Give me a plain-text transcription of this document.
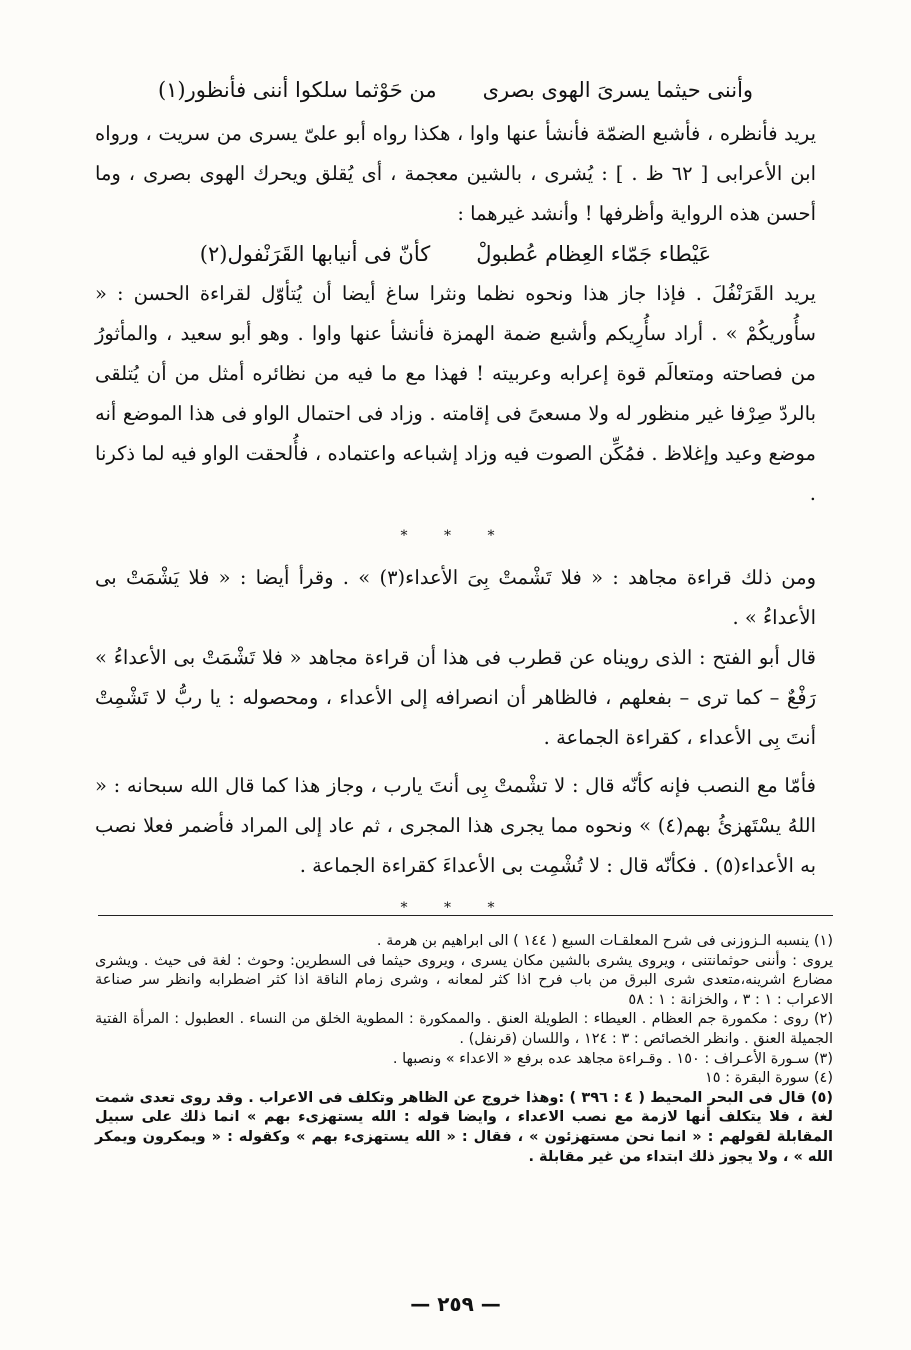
وأننى حيثما يسرىَ الهوى بصرى
من حَوْثما سلكوا أننى فأنظور(١)

يريد فأنظره ، فأشبع الضمّة فأنشأ عنها واوا ، هكذا رواه أبو علىّ يسرى من سريت ، ورواه ابن الأعرابى [ ٦٢ ظ . ] : يُشرى ، بالشين معجمة ، أى يُقلق ويحرك الهوى بصرى ، وما أحسن هذه الرواية وأظرفها ! وأنشد غيرهما :

عَيْطاء جَمّاء العِظام عُطبولْ
كأنّ فى أنيابها القَرَنْفول(٢)

يريد القَرَنْفُلَ . فإذا جاز هذا ونحوه نظما ونثرا ساغ أيضا أن يُتأوّل لقراءة الحسن : « سأُوريكُمْ » . أراد سأُرِيكم وأشبع ضمة الهمزة فأنشأ عنها واوا . وهو أبو سعيد ، والمأثورُ من فصاحته ومتعالَم قوة إعرابه وعربيته ! فهذا مع ما فيه من نظائره أمثل من أن يُتلقى بالردّ صِرْفا غير منظور له ولا مسعىً فى إقامته . وزاد فى احتمال الواو فى هذا الموضع أنه موضع وعيد وإغلاظ . فمُكِّن الصوت فيه وزاد إشباعه واعتماده ، فأُلحقت الواو فيه لما ذكرنا .

* * *

ومن ذلك قراءة مجاهد : « فلا تَشْمتْ بِىَ الأعداء(٣) » . وقرأ أيضا : « فلا يَشْمَتْ بى الأعداءُ » .

قال أبو الفتح : الذى رويناه عن قطرب فى هذا أن قراءة مجاهد « فلا تَشْمَتْ بى الأعداءُ » رَفْعٌ – كما ترى – بفعلهم ، فالظاهر أن انصرافه إلى الأعداء ، ومحصوله : يا ربُّ لا تَشْمِتْ أنتَ بِى الأعداء ، كقراءة الجماعة .

فأمّا مع النصب فإنه كأنّه قال : لا تشْمتْ بِى أنتَ يارب ، وجاز هذا كما قال الله سبحانه : « اللهُ يسْتَهزئُ بهم(٤) » ونحوه مما يجرى هذا المجرى ، ثم عاد إلى المراد فأضمر فعلا نصب به الأعداء(٥) . فكأنّه قال : لا تُشْمِت بى الأعداءَ كقراءة الجماعة .

* * *

(١) ينسبه الـزوزنى فى شرح المعلقـات السبع ( ١٤٤ ) الى ابراهيم بن هرمة .

يروى : وأننى حوثمانتنى ، ويروى يشرى بالشين مكان يسرى ، ويروى حيثما فى السطرين: وحوث : لغة فى حيث . ويشرى مضارع اشرينه،متعدى شرى البرق من باب فرح اذا كثر لمعانه ، وشرى زمام الناقة اذا كثر اضطرابه وانظر سر صناعة الاعراب : ١ : ٣ ، والخزانة : ١ : ٥٨

(٢) روى : مكمورة جم العظام . العيطاء : الطويلة العنق . والممكورة : المطوية الخلق من النساء . العطبول : المرأة الفتية الجميلة العنق . وانظر الخصائص : ٣ : ١٢٤ ، واللسان (قرنفل) .

(٣) سـورة الأعـراف : ١٥٠ . وقـراءة مجاهد عده برفع « الاعداء » ونصبها .

(٤) سورة البقرة : ١٥

(٥) قال فى البحر المحيط ( ٤ : ٣٩٦ ) :وهذا خروج عن الظاهر وتكلف فى الاعراب . وقد روى تعدى شمت لغة ، فلا يتكلف أنها لازمة مع نصب الاعداء ، وايضا قوله : الله يستهزىء بهم » انما ذلك على سبيل المقابلة لقولهم : « انما نحن مستهزئون » ، فقال : « الله يستهزىء بهم » وكقوله : « ويمكرون ويمكر الله » ، ولا يجوز ذلك ابتداء من غير مقابلة .

— ٢٥٩ —
